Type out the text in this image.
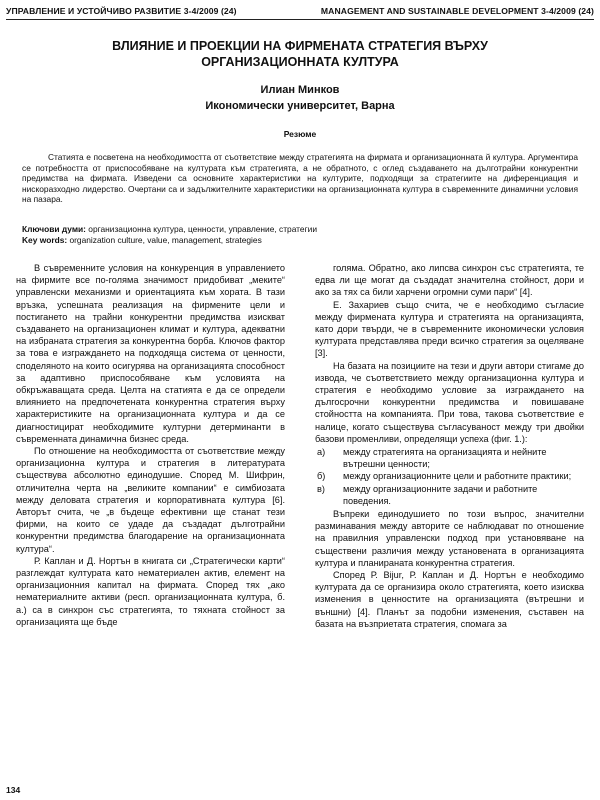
УПРАВЛЕНИЕ И УСТОЙЧИВО РАЗВИТИЕ 3-4/2009 (24)	MANAGEMENT AND SUSTAINABLE DEVELOPMENT 3-4/2009 (24)
ВЛИЯНИЕ И ПРОЕКЦИИ НА ФИРМЕНАТА СТРАТЕГИЯ ВЪРХУ
ОРГАНИЗАЦИОННАТА КУЛТУРА
Илиан Минков
Икономически университет, Варна
Резюме

Статията е посветена на необходимостта от съответствие между стратегията на фирмата и организационната й култура. Аргументира се потребността от приспособяване на културата към стратегията, а не обратното, с оглед създаването на дълготрайни конкурентни предимства на фирмата. Изведени са основните характеристики на културите, подходящи за стратегиите на диференциация и нискоразходно лидерство. Очертани са и задължителните характеристики на организационната култура в съвременните динамични условия на пазара.

Ключови думи: организационна култура, ценности, управление, стратегии
Key words: organization culture, value, management, strategies

В съвременните условия на конкуренция в управлението на фирмите все по-голяма значимост придобиват „меките“ управленски механизми и ориентацията към хората. В тази връзка, успешната реализация на фирмените цели и постигането на трайни конкурентни предимства изискват създаването на организационен климат и култура, адекватни на избраната стратегия за конкурентна борба. Ключов фактор за това е изграждането на подходяща система от ценности, споделяното на които осигурява на организацията способност за адаптивно приспособяване към условията на обкръжаващата среда. Целта на статията е да се определи влиянието на предпочетената конкурентна стратегия върху характеристиките на организационната култура и да се диагностицират необходимите културни детерминанти в съвременната динамична бизнес среда.

По отношение на необходимостта от съответствие между организационна култура и стратегия в литературата съществува абсолютно единодушие. Според М. Шифрин, отличителна черта на „великите компании“ е симбиозата между деловата стратегия и корпоративната култура [6]. Авторът счита, че „в бъдеще ефективни ще станат тези фирми, на които се удаде да създадат дълготрайни конкурентни предимства благодарение на организационната култура“.

Р. Каплан и Д. Нортън в книгата си „Стратегически карти“ разглеждат културата като нематериален актив, елемент на организационния капитал на фирмата. Според тях „ако нематериалните активи (респ. организационната култура, б. а.) са в синхрон със стратегията, то тяхната стойност за организацията ще бъде

голяма. Обратно, ако липсва синхрон със стратегията, те едва ли ще могат да създадат значителна стойност, дори и ако за тях са били харчени огромни суми пари“ [4].

Е. Захариев също счита, че е необходимо съгласие между фирмената култура и стратегията на организацията, като дори твърди, че в съвременните икономически условия културата представлява преди всичко стратегия за оцеляване [3].

На базата на позициите на тези и други автори стигаме до извода, че съответствието между организационна култура и стратегия е необходимо условие за изграждането на дългосрочни конкурентни предимства и повишаване стойността на компанията. При това, такова съответствие е налице, когато съществува съгласуваност между три двойки базови променливи, определящи успеха (фиг. 1.):

а)	между стратегията на организацията и нейните вътрешни ценности;
б)	между организационните цели и работните практики;
в)	между организационните задачи и работните поведения.

Въпреки единодушието по този въпрос, значителни разминавания между авторите се наблюдават по отношение на правилния управленски подход при установяване на съществени различия между установената в организацията култура и планираната конкурентна стратегия.

Според Р. Bijur, Р. Каплан и Д. Нортън е необходимо културата да се организира около стратегията, което изисква изменения в ценностите на организацията (вътрешни и външни) [4]. Планът за подобни изменения, съставен на базата на възприетата стратегия, спомага за

134
